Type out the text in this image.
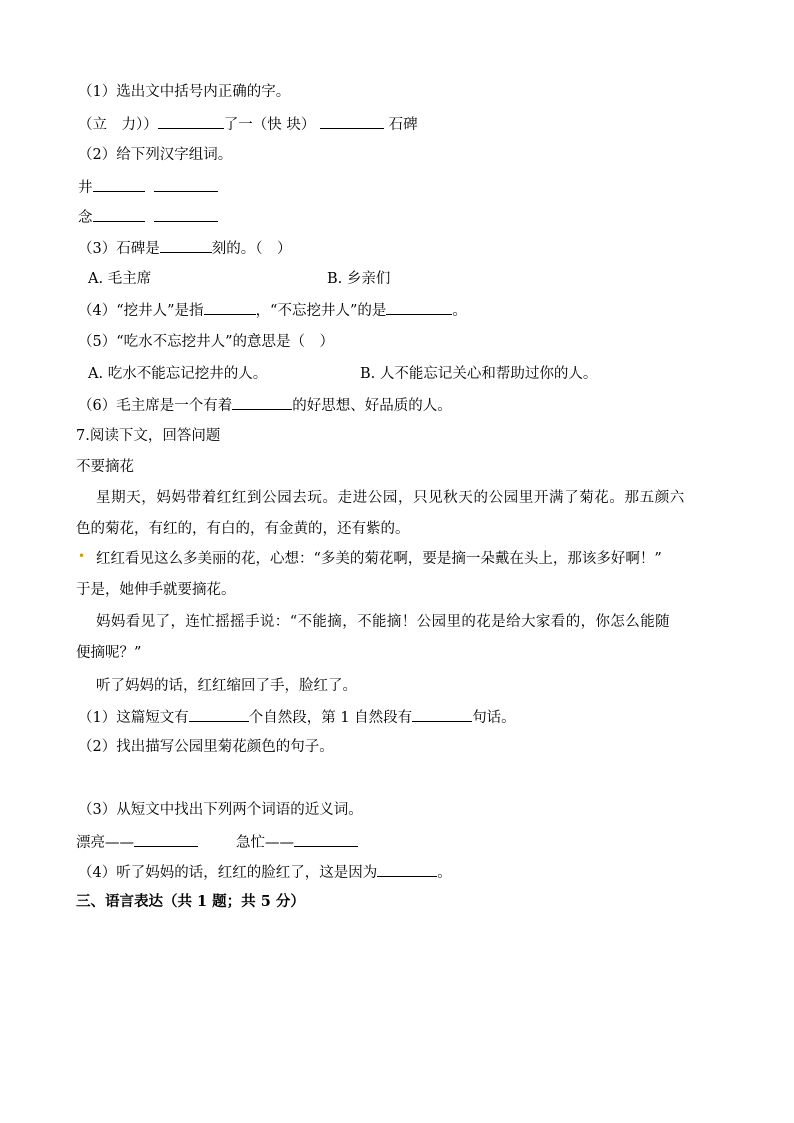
（1）选出文中括号内正确的字。
（立　力））	了一（快 块）	石碑
（2）给下列汉字组词。
井
念
（3）石碑是	刻的。（　）
A. 毛主席	B. 乡亲们
（4）“挖井人”是指	，“不忘挖井人”的是	。
（5）“吃水不忘挖井人”的意思是（　）
A. 吃水不能忘记挖井的人。	B. 人不能忘记关心和帮助过你的人。
（6）毛主席是一个有着	的好思想、好品质的人。
7.阅读下文，回答问题
不要摘花
星期天，妈妈带着红红到公园去玩。走进公园，只见秋天的公园里开满了菊花。那五颜六
色的菊花，有红的，有白的，有金黄的，还有紫的。
• 红红看见这么多美丽的花，心想：“多美的菊花啊，要是摘一朵戴在头上，那该多好啊！”
于是，她伸手就要摘花。
妈妈看见了，连忙摇摇手说：“不能摘，不能摘！公园里的花是给大家看的，你怎么能随
便摘呢？”
听了妈妈的话，红红缩回了手，脸红了。
（1）这篇短文有	个自然段，第 1 自然段有	句话。
（2）找出描写公园里菊花颜色的句子。
（3）从短文中找出下列两个词语的近义词。
漂亮——	急忙——
（4）听了妈妈的话，红红的脸红了，这是因为	。
三、语言表达（共 1 题；共 5 分）
